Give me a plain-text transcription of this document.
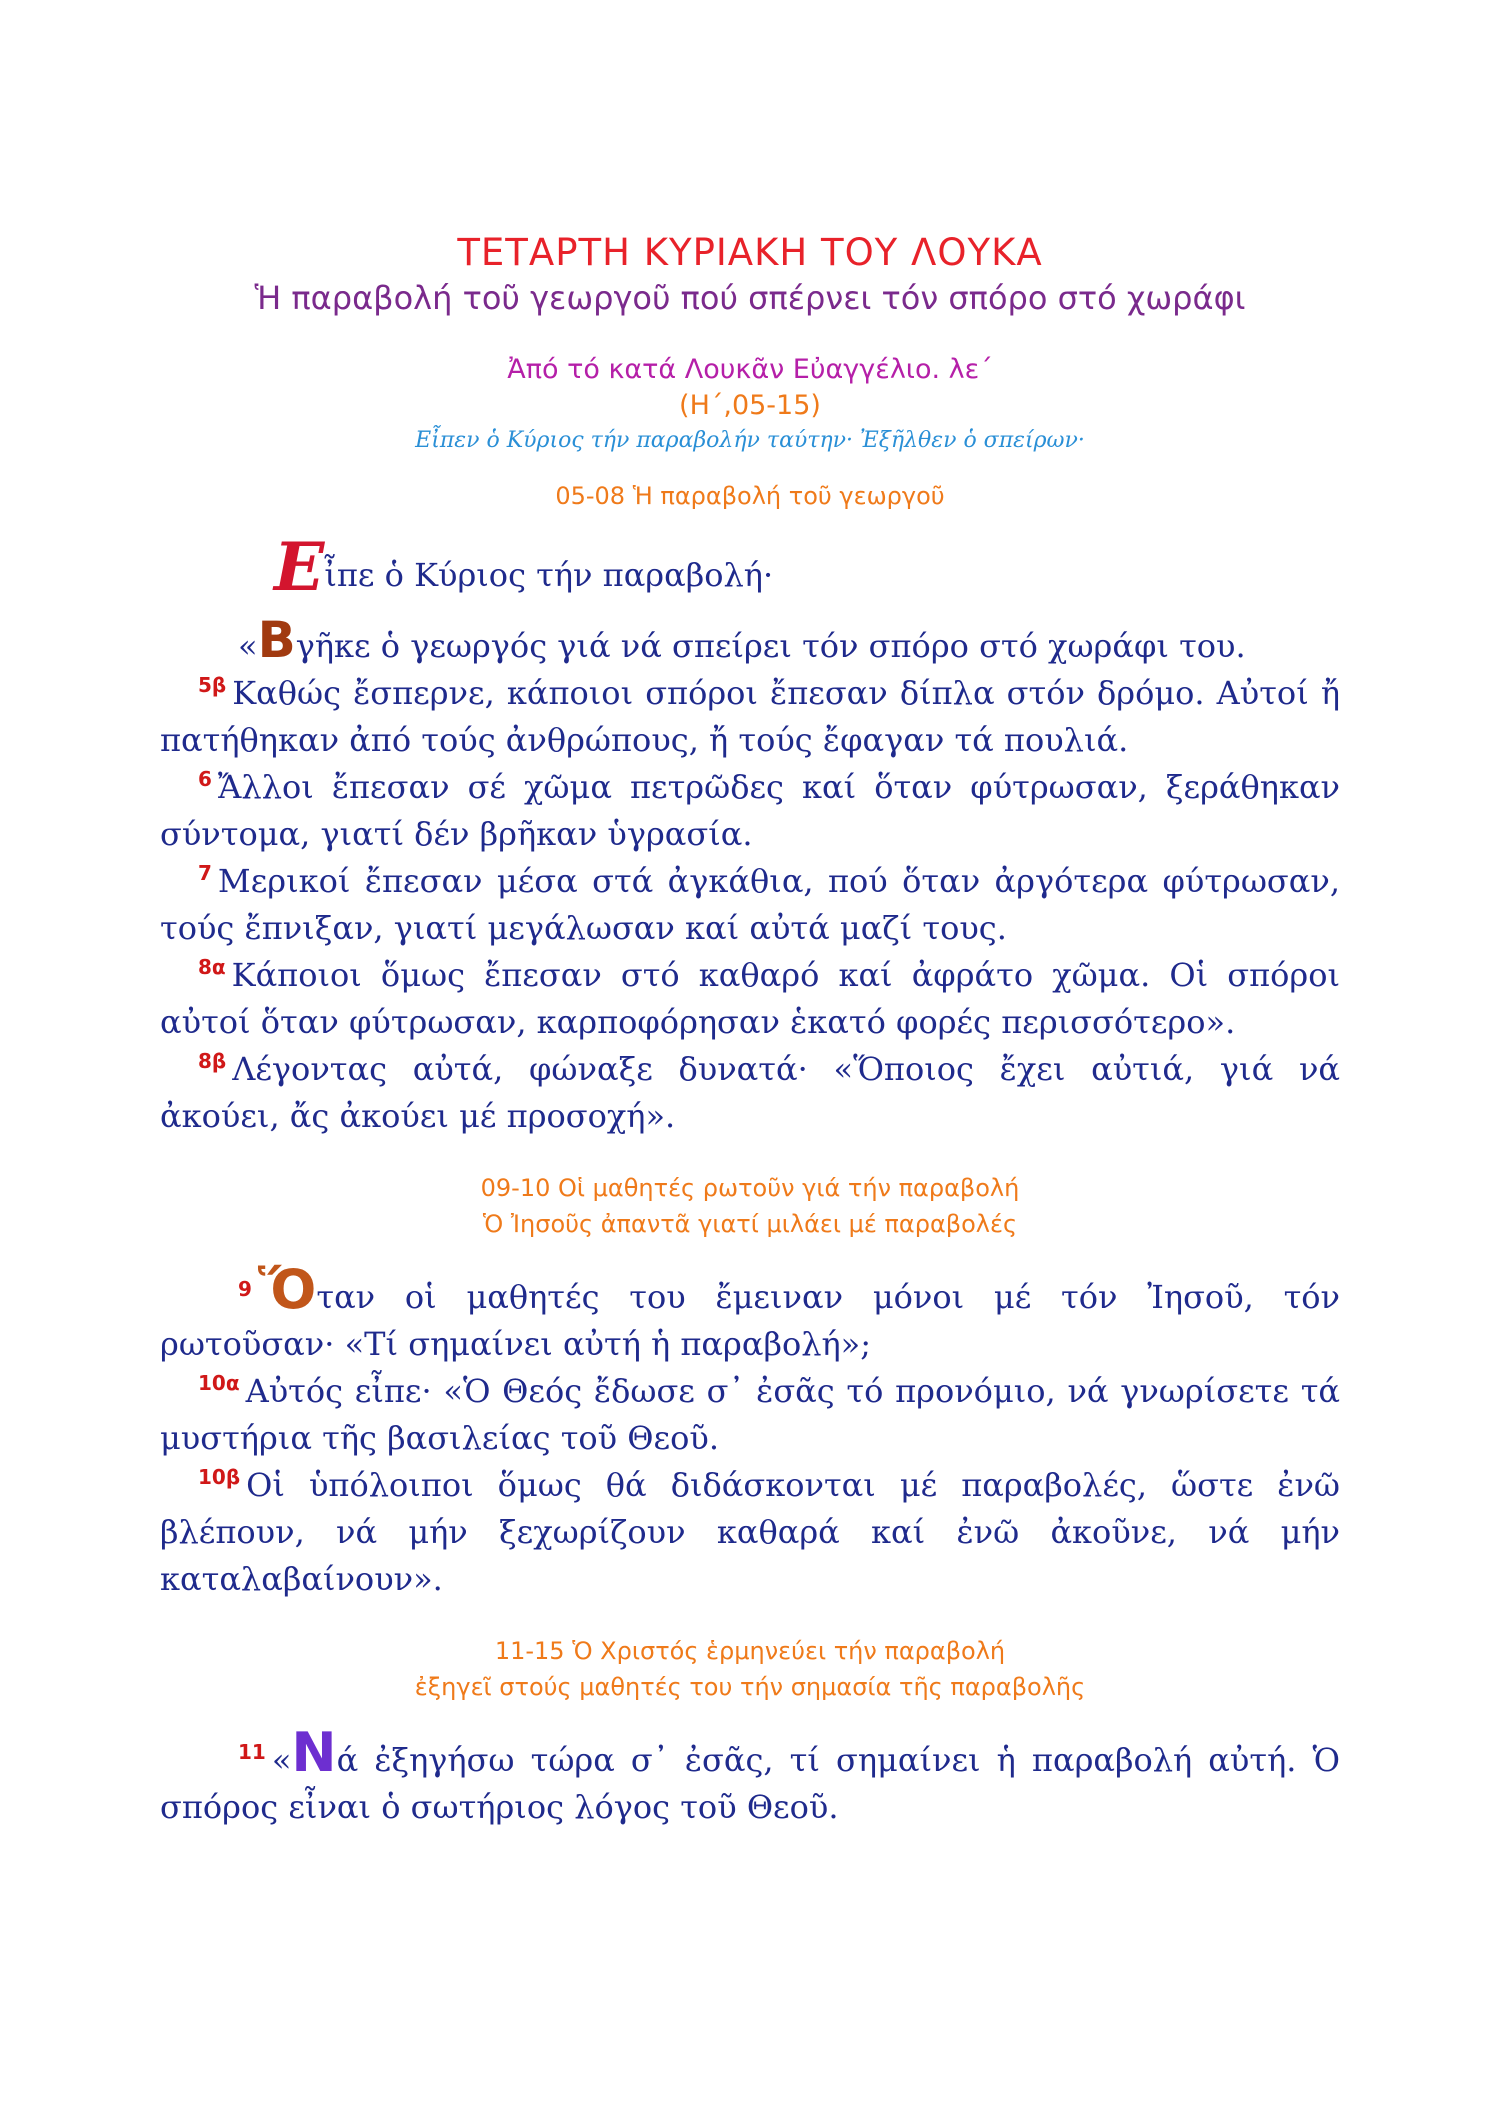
ΤΕΤΑΡΤΗ ΚΥΡΙΑΚΗ ΤΟΥ ΛΟΥΚΑ
Ἡ παραβολή τοῦ γεωργοῦ πού σπέρνει τόν σπόρο στό χωράφι
Ἀπό τό κατά Λουκᾶν Εὐαγγέλιο. λε΄
(Η΄,05-15)
Εἶπεν ὁ Κύριος τήν παραβολήν ταύτην· Ἐξῆλθεν ὁ σπείρων·
05-08 Ἡ παραβολή τοῦ γεωργοῦ

Εἶπε ὁ Κύριος τήν παραβολή·

«Βγῆκε ὁ γεωργός γιά νά σπείρει τόν σπόρο στό χωράφι του.

$^{5\beta}$ Καθώς ἔσπερνε, κάποιοι σπόροι ἔπεσαν δίπλα στόν δρόμο. Αὐτοί ἤ πατήθηκαν ἀπό τούς ἀνθρώπους, ἤ τούς ἔφαγαν τά πουλιά.

$^6$ Ἄλλοι ἔπεσαν σέ χῶμα πετρῶδες καί ὅταν φύτρωσαν, ξεράθηκαν σύντομα, γιατί δέν βρῆκαν ὑγρασία.

$^7$ Μερικοί ἔπεσαν μέσα στά ἀγκάθια, πού ὅταν ἀργότερα φύτρωσαν, τούς ἔπνιξαν, γιατί μεγάλωσαν καί αὐτά μαζί τους.

$^{8\alpha}$ Κάποιοι ὅμως ἔπεσαν στό καθαρό καί ἀφράτο χῶμα. Οἱ σπόροι αὐτοί ὅταν φύτρωσαν, καρποφόρησαν ἑκατό φορές περισσότερο».

$^{8\beta}$ Λέγοντας αὐτά, φώναξε δυνατά· «Ὅποιος ἔχει αὐτιά, γιά νά ἀκούει, ἄς ἀκούει μέ προσοχή».

09-10 Οἱ μαθητές ρωτοῦν γιά τήν παραβολή
Ὁ Ἰησοῦς ἀπαντᾶ γιατί μιλάει μέ παραβολές

$^9$ Ὅταν οἱ μαθητές του ἔμειναν μόνοι μέ τόν Ἰησοῦ, τόν ρωτοῦσαν· «Τί σημαίνει αὐτή ἡ παραβολή»;

$^{10\alpha}$ Αὐτός εἶπε· «Ὁ Θεός ἔδωσε σ᾽ ἐσᾶς τό προνόμιο, νά γνωρίσετε τά μυστήρια τῆς βασιλείας τοῦ Θεοῦ.

$^{10\beta}$ Οἱ ὑπόλοιποι ὅμως θά διδάσκονται μέ παραβολές, ὥστε ἐνῶ βλέπουν, νά μήν ξεχωρίζουν καθαρά καί ἐνῶ ἀκοῦνε, νά μήν καταλαβαίνουν».

11-15 Ὁ Χριστός ἑρμηνεύει τήν παραβολή
ἐξηγεῖ στούς μαθητές του τήν σημασία τῆς παραβολῆς

$^{11}$ «Νά ἐξηγήσω τώρα σ᾽ ἐσᾶς, τί σημαίνει ἡ παραβολή αὐτή. Ὁ σπόρος εἶναι ὁ σωτήριος λόγος τοῦ Θεοῦ.
